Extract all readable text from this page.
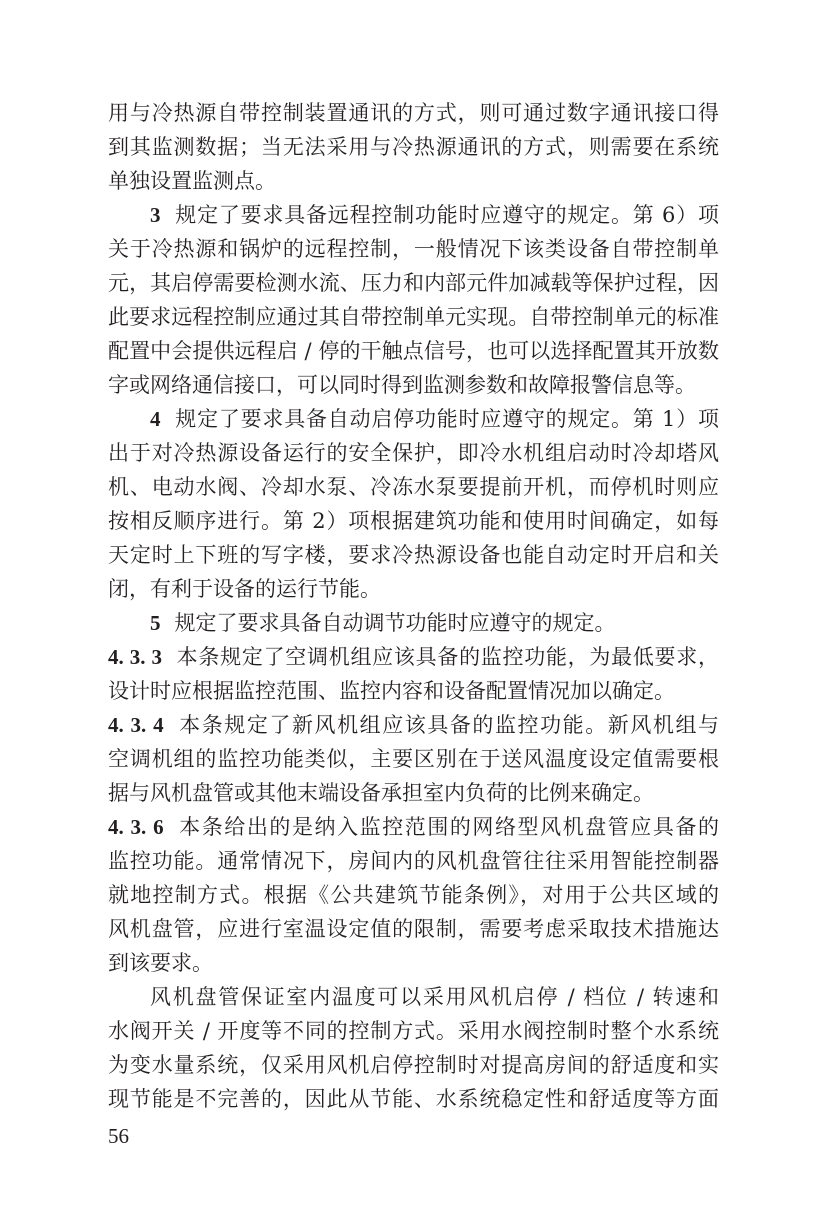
用与冷热源自带控制装置通讯的方式，则可通过数字通讯接口得
到其监测数据；当无法采用与冷热源通讯的方式，则需要在系统
单独设置监测点。
3 规定了要求具备远程控制功能时应遵守的规定。第 6）项
关于冷热源和锅炉的远程控制，一般情况下该类设备自带控制单
元，其启停需要检测水流、压力和内部元件加减载等保护过程，因
此要求远程控制应通过其自带控制单元实现。自带控制单元的标准
配置中会提供远程启 / 停的干触点信号，也可以选择配置其开放数
字或网络通信接口，可以同时得到监测参数和故障报警信息等。
4 规定了要求具备自动启停功能时应遵守的规定。第 1）项
出于对冷热源设备运行的安全保护，即冷水机组启动时冷却塔风
机、电动水阀、冷却水泵、冷冻水泵要提前开机，而停机时则应
按相反顺序进行。第 2）项根据建筑功能和使用时间确定，如每
天定时上下班的写字楼，要求冷热源设备也能自动定时开启和关
闭，有利于设备的运行节能。
5 规定了要求具备自动调节功能时应遵守的规定。
4. 3. 3 本条规定了空调机组应该具备的监控功能，为最低要求，
设计时应根据监控范围、监控内容和设备配置情况加以确定。
4. 3. 4 本条规定了新风机组应该具备的监控功能。新风机组与
空调机组的监控功能类似，主要区别在于送风温度设定值需要根
据与风机盘管或其他末端设备承担室内负荷的比例来确定。
4. 3. 6 本条给出的是纳入监控范围的网络型风机盘管应具备的
监控功能。通常情况下，房间内的风机盘管往往采用智能控制器
就地控制方式。根据《公共建筑节能条例》，对用于公共区域的
风机盘管，应进行室温设定值的限制，需要考虑采取技术措施达
到该要求。
风机盘管保证室内温度可以采用风机启停 / 档位 / 转速和
水阀开关 / 开度等不同的控制方式。采用水阀控制时整个水系统
为变水量系统，仅采用风机启停控制时对提高房间的舒适度和实
现节能是不完善的，因此从节能、水系统稳定性和舒适度等方面
56
